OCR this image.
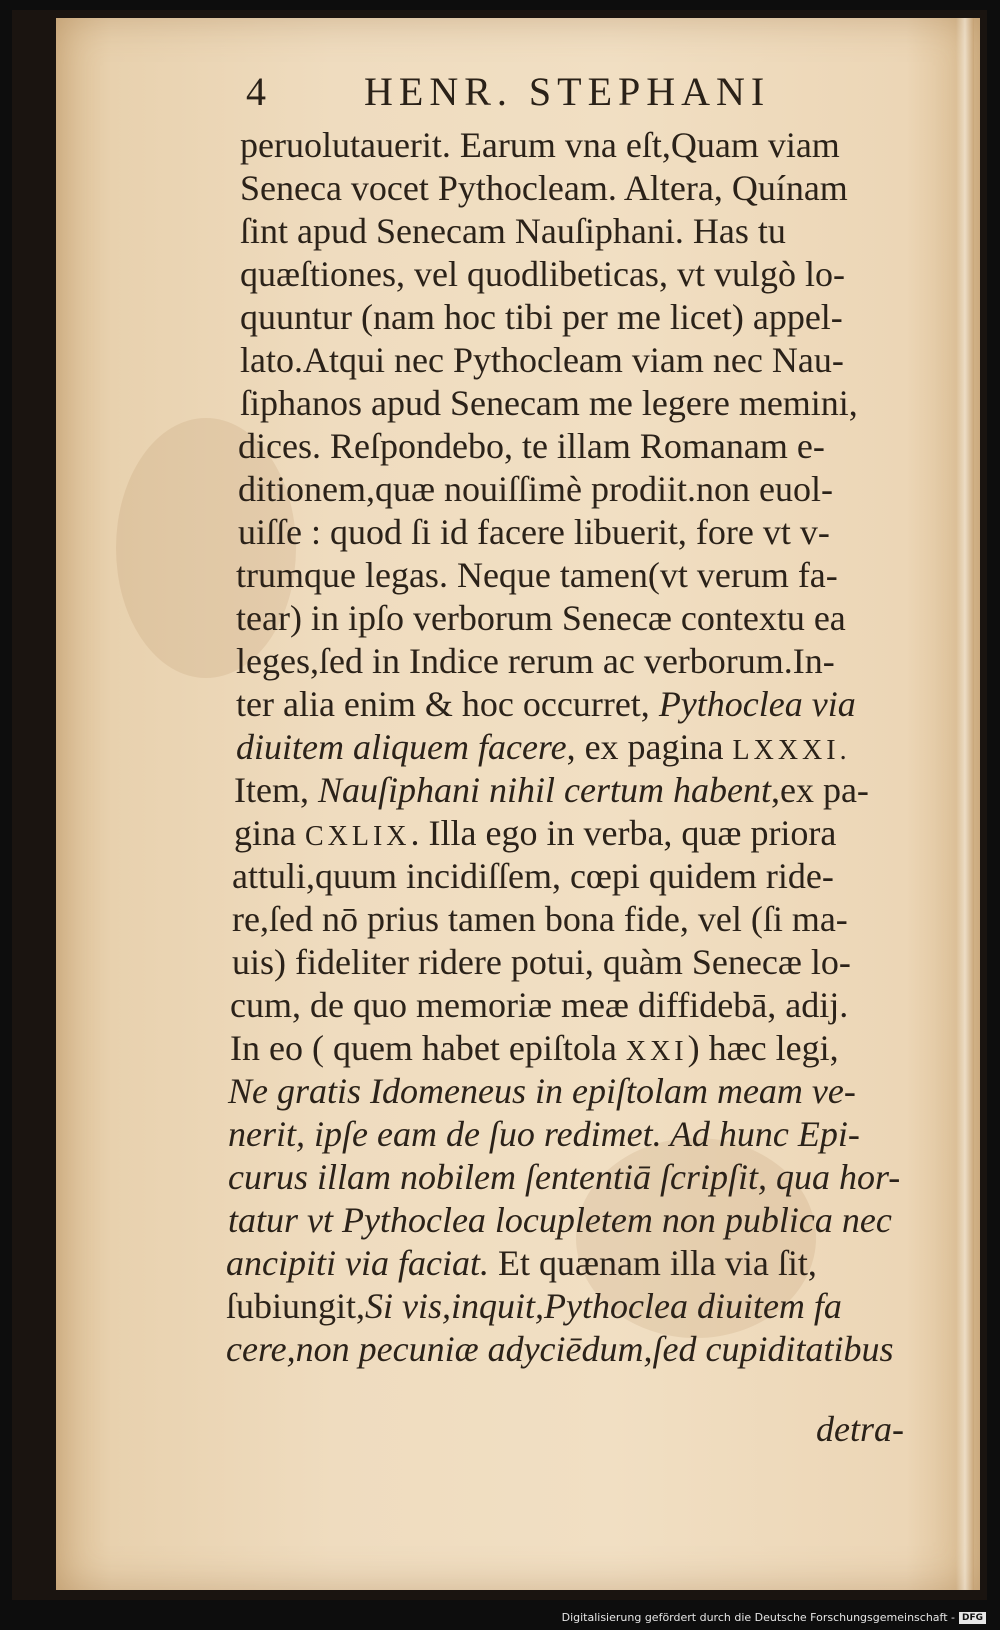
4 HENR. STEPHANI
peruolutauerit. Earum vna eſt,Quam viam
Seneca vocet Pythocleam. Altera, Quínam
ſint apud Senecam Nauſiphani. Has tu
quæſtiones, vel quodlibeticas, vt vulgò lo-
quuntur (nam hoc tibi per me licet) appel-
lato.Atqui nec Pythocleam viam nec Nau-
ſiphanos apud Senecam me legere memini,
dices. Reſpondebo, te illam Romanam e-
ditionem,quæ nouiſſimè prodiit.non euol-
uiſſe : quod ſi id facere libuerit, fore vt v-
trumque legas. Neque tamen(vt verum fa-
tear) in ipſo verborum Senecæ contextu ea
leges,ſed in Indice rerum ac verborum.In-
ter alia enim & hoc occurret, Pythoclea via
diuitem aliquem facere, ex pagina LXXXI.
Item, Nauſiphani nihil certum habent,ex pa-
gina CXLIX. Illa ego in verba, quæ priora
attuli,quum incidiſſem, cœpi quidem ride-
re,ſed nō prius tamen bona fide, vel (ſi ma-
uis) fideliter ridere potui, quàm Senecæ lo-
cum, de quo memoriæ meæ diffidebā, adij.
In eo ( quem habet epiſtola XXI) hæc legi,
Ne gratis Idomeneus in epiſtolam meam ve-
nerit, ipſe eam de ſuo redimet. Ad hunc Epi-
curus illam nobilem ſententiā ſcripſit, qua hor-
tatur vt Pythoclea locupletem non publica nec
ancipiti via faciat. Et quænam illa via ſit,
ſubiungit,Si vis,inquit,Pythoclea diuitem fa
cere,non pecuniæ adyciēdum,ſed cupiditatibus
detra-
Digitalisierung gefördert durch die Deutsche Forschungsgemeinschaft - DFG
